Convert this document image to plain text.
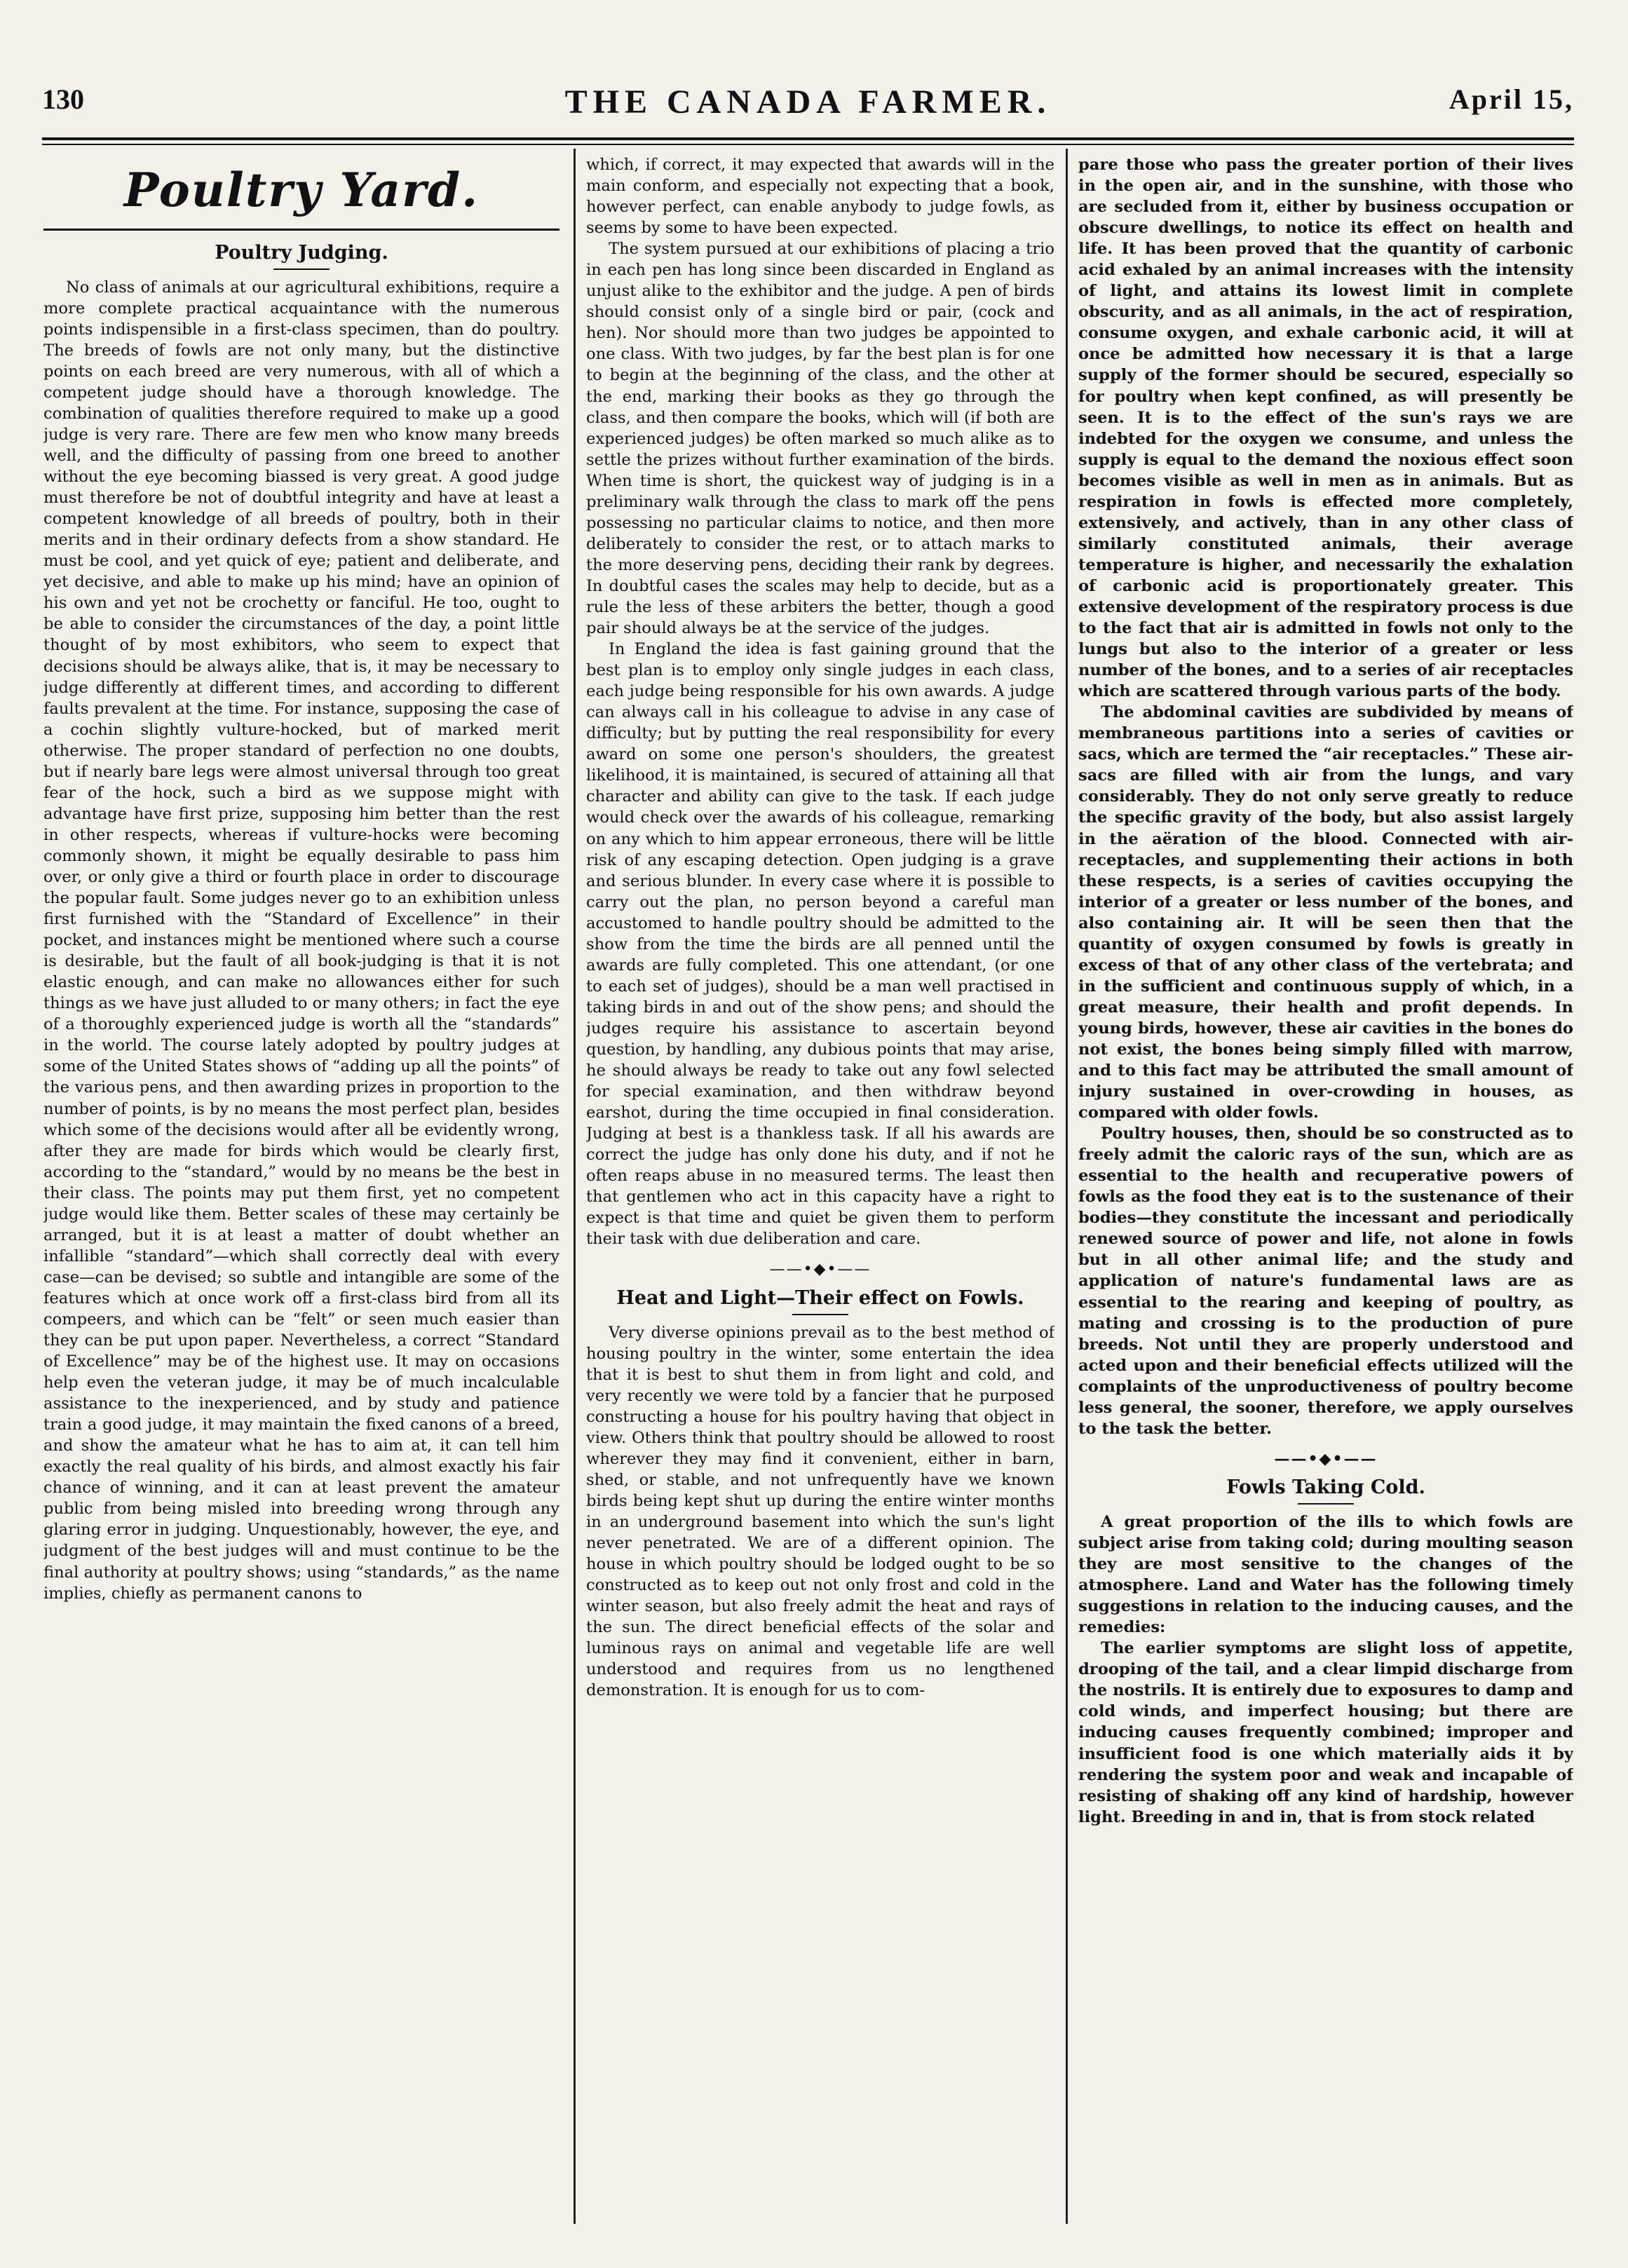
130	THE CANADA FARMER.	April 15,
Poultry Yard.
Poultry Judging.

No class of animals at our agricultural exhibitions, require a more complete practical acquaintance with the numerous points indispensible in a first-class specimen, than do poultry. The breeds of fowls are not only many, but the distinctive points on each breed are very numerous, with all of which a competent judge should have a thorough knowledge. The combination of qualities therefore required to make up a good judge is very rare. There are few men who know many breeds well, and the difficulty of passing from one breed to another without the eye becoming biassed is very great. A good judge must therefore be not of doubtful integrity and have at least a competent knowledge of all breeds of poultry, both in their merits and in their ordinary defects from a show standard. He must be cool, and yet quick of eye; patient and deliberate, and yet decisive, and able to make up his mind; have an opinion of his own and yet not be crochetty or fanciful. He too, ought to be able to consider the circumstances of the day, a point little thought of by most exhibitors, who seem to expect that decisions should be always alike, that is, it may be necessary to judge differently at different times, and according to different faults prevalent at the time. For instance, supposing the case of a cochin slightly vulture-hocked, but of marked merit otherwise. The proper standard of perfection no one doubts, but if nearly bare legs were almost universal through too great fear of the hock, such a bird as we suppose might with advantage have first prize, supposing him better than the rest in other respects, whereas if vulture-hocks were becoming commonly shown, it might be equally desirable to pass him over, or only give a third or fourth place in order to discourage the popular fault. Some judges never go to an exhibition unless first furnished with the “Standard of Excellence” in their pocket, and instances might be mentioned where such a course is desirable, but the fault of all book-judging is that it is not elastic enough, and can make no allowances either for such things as we have just alluded to or many others; in fact the eye of a thoroughly experienced judge is worth all the “standards” in the world. The course lately adopted by poultry judges at some of the United States shows of “adding up all the points” of the various pens, and then awarding prizes in proportion to the number of points, is by no means the most perfect plan, besides which some of the decisions would after all be evidently wrong, after they are made for birds which would be clearly first, according to the “standard,” would by no means be the best in their class. The points may put them first, yet no competent judge would like them. Better scales of these may certainly be arranged, but it is at least a matter of doubt whether an infallible “standard”—which shall correctly deal with every case—can be devised; so subtle and intangible are some of the features which at once work off a first-class bird from all its compeers, and which can be “felt” or seen much easier than they can be put upon paper. Nevertheless, a correct “Standard of Excellence” may be of the highest use. It may on occasions help even the veteran judge, it may be of much incalculable assistance to the inexperienced, and by study and patience train a good judge, it may maintain the fixed canons of a breed, and show the amateur what he has to aim at, it can tell him exactly the real quality of his birds, and almost exactly his fair chance of winning, and it can at least prevent the amateur public from being misled into breeding wrong through any glaring error in judging. Unquestionably, however, the eye, and judgment of the best judges will and must continue to be the final authority at poultry shows; using “standards,” as the name implies, chiefly as permanent canons to

which, if correct, it may expected that awards will in the main conform, and especially not expecting that a book, however perfect, can enable anybody to judge fowls, as seems by some to have been expected.

The system pursued at our exhibitions of placing a trio in each pen has long since been discarded in England as unjust alike to the exhibitor and the judge. A pen of birds should consist only of a single bird or pair, (cock and hen). Nor should more than two judges be appointed to one class. With two judges, by far the best plan is for one to begin at the beginning of the class, and the other at the end, marking their books as they go through the class, and then compare the books, which will (if both are experienced judges) be often marked so much alike as to settle the prizes without further examination of the birds. When time is short, the quickest way of judging is in a preliminary walk through the class to mark off the pens possessing no particular claims to notice, and then more deliberately to consider the rest, or to attach marks to the more deserving pens, deciding their rank by degrees. In doubtful cases the scales may help to decide, but as a rule the less of these arbiters the better, though a good pair should always be at the service of the judges.

In England the idea is fast gaining ground that the best plan is to employ only single judges in each class, each judge being responsible for his own awards. A judge can always call in his colleague to advise in any case of difficulty; but by putting the real responsibility for every award on some one person's shoulders, the greatest likelihood, it is maintained, is secured of attaining all that character and ability can give to the task. If each judge would check over the awards of his colleague, remarking on any which to him appear erroneous, there will be little risk of any escaping detection. Open judging is a grave and serious blunder. In every case where it is possible to carry out the plan, no person beyond a careful man accustomed to handle poultry should be admitted to the show from the time the birds are all penned until the awards are fully completed. This one attendant, (or one to each set of judges), should be a man well practised in taking birds in and out of the show pens; and should the judges require his assistance to ascertain beyond question, by handling, any dubious points that may arise, he should always be ready to take out any fowl selected for special examination, and then withdraw beyond earshot, during the time occupied in final consideration. Judging at best is a thankless task. If all his awards are correct the judge has only done his duty, and if not he often reaps abuse in no measured terms. The least then that gentlemen who act in this capacity have a right to expect is that time and quiet be given them to perform their task with due deliberation and care.

——•◆•——
Heat and Light—Their effect on Fowls.

Very diverse opinions prevail as to the best method of housing poultry in the winter, some entertain the idea that it is best to shut them in from light and cold, and very recently we were told by a fancier that he purposed constructing a house for his poultry having that object in view. Others think that poultry should be allowed to roost wherever they may find it convenient, either in barn, shed, or stable, and not unfrequently have we known birds being kept shut up during the entire winter months in an underground basement into which the sun's light never penetrated. We are of a different opinion. The house in which poultry should be lodged ought to be so constructed as to keep out not only frost and cold in the winter season, but also freely admit the heat and rays of the sun. The direct beneficial effects of the solar and luminous rays on animal and vegetable life are well understood and requires from us no lengthened demonstration. It is enough for us to com-

pare those who pass the greater portion of their lives in the open air, and in the sunshine, with those who are secluded from it, either by business occupation or obscure dwellings, to notice its effect on health and life. It has been proved that the quantity of carbonic acid exhaled by an animal increases with the intensity of light, and attains its lowest limit in complete obscurity, and as all animals, in the act of respiration, consume oxygen, and exhale carbonic acid, it will at once be admitted how necessary it is that a large supply of the former should be secured, especially so for poultry when kept confined, as will presently be seen. It is to the effect of the sun's rays we are indebted for the oxygen we consume, and unless the supply is equal to the demand the noxious effect soon becomes visible as well in men as in animals. But as respiration in fowls is effected more completely, extensively, and actively, than in any other class of similarly constituted animals, their average temperature is higher, and necessarily the exhalation of carbonic acid is proportionately greater. This extensive development of the respiratory process is due to the fact that air is admitted in fowls not only to the lungs but also to the interior of a greater or less number of the bones, and to a series of air receptacles which are scattered through various parts of the body.

The abdominal cavities are subdivided by means of membraneous partitions into a series of cavities or sacs, which are termed the “air receptacles.” These air-sacs are filled with air from the lungs, and vary considerably. They do not only serve greatly to reduce the specific gravity of the body, but also assist largely in the aëration of the blood. Connected with air-receptacles, and supplementing their actions in both these respects, is a series of cavities occupying the interior of a greater or less number of the bones, and also containing air. It will be seen then that the quantity of oxygen consumed by fowls is greatly in excess of that of any other class of the vertebrata; and in the sufficient and continuous supply of which, in a great measure, their health and profit depends. In young birds, however, these air cavities in the bones do not exist, the bones being simply filled with marrow, and to this fact may be attributed the small amount of injury sustained in over-crowding in houses, as compared with older fowls.

Poultry houses, then, should be so constructed as to freely admit the caloric rays of the sun, which are as essential to the health and recuperative powers of fowls as the food they eat is to the sustenance of their bodies—they constitute the incessant and periodically renewed source of power and life, not alone in fowls but in all other animal life; and the study and application of nature's fundamental laws are as essential to the rearing and keeping of poultry, as mating and crossing is to the production of pure breeds. Not until they are properly understood and acted upon and their beneficial effects utilized will the complaints of the unproductiveness of poultry become less general, the sooner, therefore, we apply ourselves to the task the better.

——•◆•——
Fowls Taking Cold.

A great proportion of the ills to which fowls are subject arise from taking cold; during moulting season they are most sensitive to the changes of the atmosphere. Land and Water has the following timely suggestions in relation to the inducing causes, and the remedies:

The earlier symptoms are slight loss of appetite, drooping of the tail, and a clear limpid discharge from the nostrils. It is entirely due to exposures to damp and cold winds, and imperfect housing; but there are inducing causes frequently combined; improper and insufficient food is one which materially aids it by rendering the system poor and weak and incapable of resisting of shaking off any kind of hardship, however light. Breeding in and in, that is from stock related
